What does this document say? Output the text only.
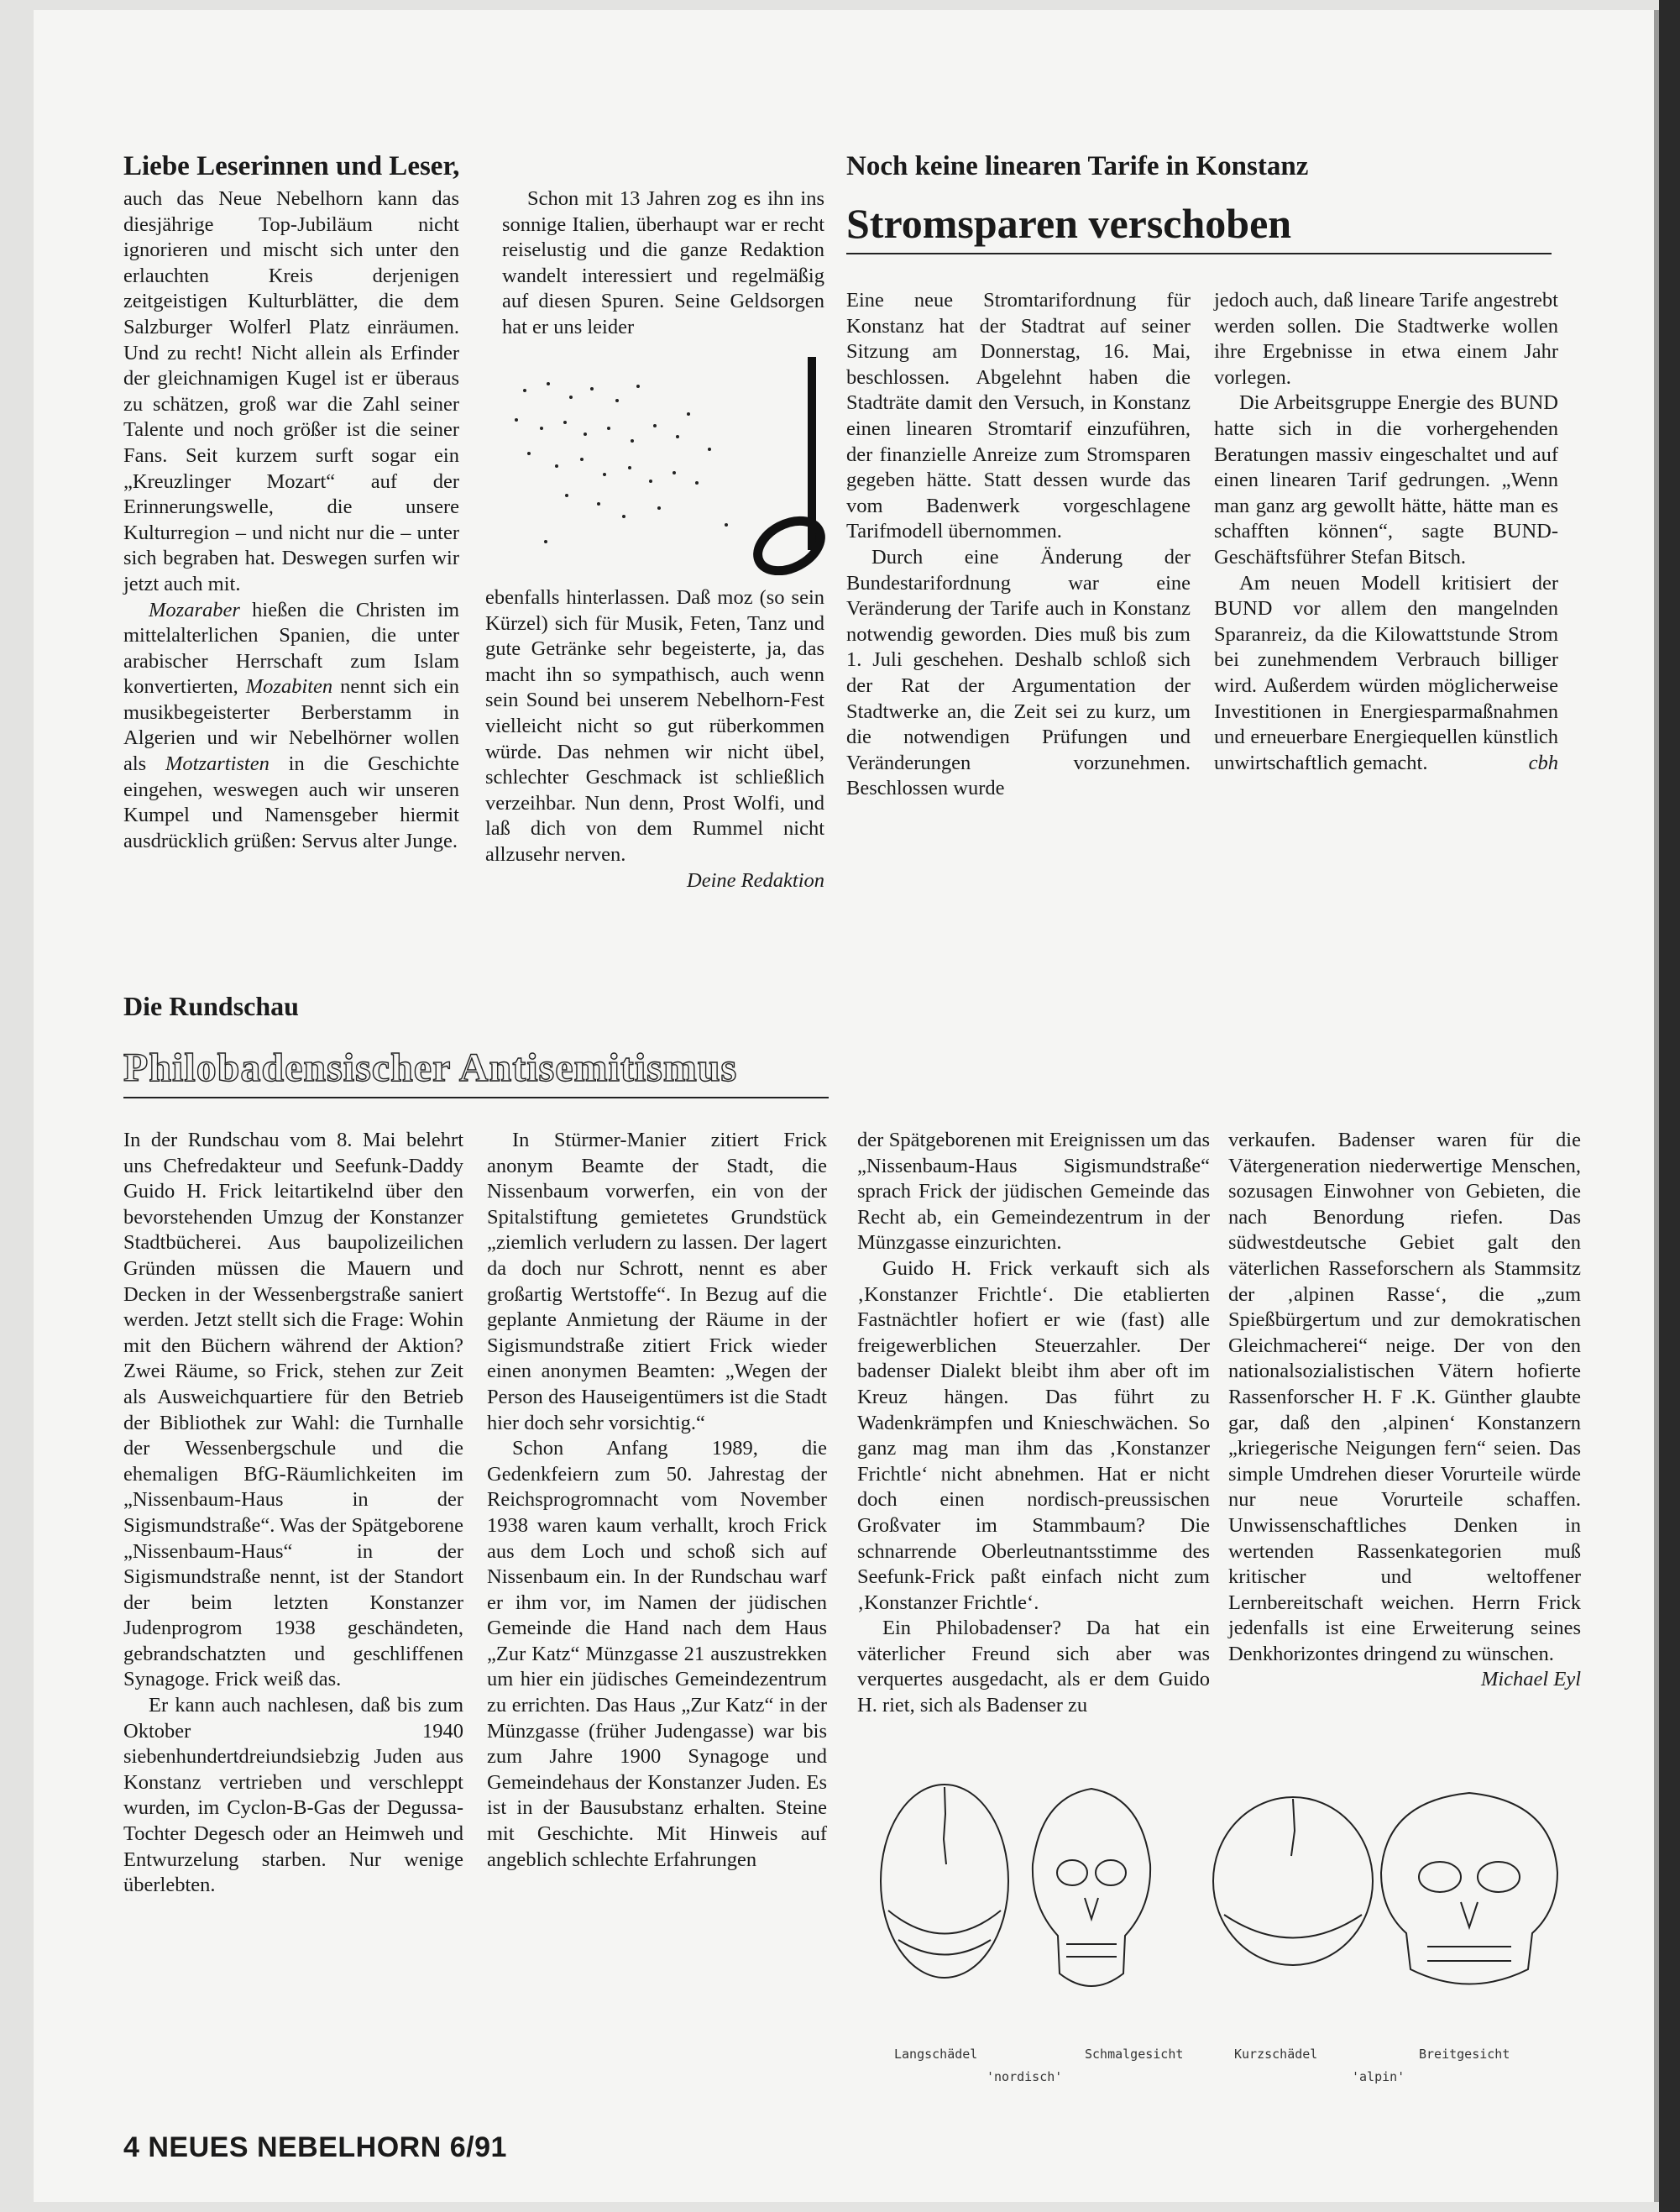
Liebe Leserinnen und Leser,

auch das Neue Nebelhorn kann das diesjährige Top-Jubiläum nicht ignorieren und mischt sich unter den erlauchten Kreis derjenigen zeitgeistigen Kulturblätter, die dem Salzburger Wolferl Platz einräumen. Und zu recht! Nicht allein als Erfinder der gleichnamigen Kugel ist er überaus zu schätzen, groß war die Zahl seiner Talente und noch größer ist die seiner Fans. Seit kurzem surft sogar ein „Kreuzlinger Mozart“ auf der Erinnerungswelle, die unsere Kulturregion – und nicht nur die – unter sich begraben hat. Deswegen surfen wir jetzt auch mit.

Mozaraber hießen die Christen im mittelalterlichen Spanien, die unter arabischer Herrschaft zum Islam konvertierten, Mozabiten nennt sich ein musikbegeisterter Berberstamm in Algerien und wir Nebelhörner wollen als Motzartisten in die Geschichte eingehen, weswegen auch wir unseren Kumpel und Namensgeber hiermit ausdrücklich grüßen: Servus alter Junge.

Schon mit 13 Jahren zog es ihn ins sonnige Italien, überhaupt war er recht reiselustig und die ganze Redaktion wandelt interessiert und regelmäßig auf diesen Spuren. Seine Geldsorgen hat er uns leider

ebenfalls hinterlassen. Daß moz (so sein Kürzel) sich für Musik, Feten, Tanz und gute Getränke sehr begeisterte, ja, das macht ihn so sympathisch, auch wenn sein Sound bei unserem Nebelhorn-Fest vielleicht nicht so gut rüberkommen würde. Das nehmen wir nicht übel, schlechter Geschmack ist schließlich verzeihbar. Nun denn, Prost Wolfi, und laß dich von dem Rummel nicht allzusehr nerven.

Deine Redaktion

Noch keine linearen Tarife in Konstanz
Stromsparen verschoben

Eine neue Stromtarifordnung für Konstanz hat der Stadtrat auf seiner Sitzung am Donnerstag, 16. Mai, beschlossen. Abgelehnt haben die Stadträte damit den Versuch, in Konstanz einen linearen Stromtarif einzuführen, der finanzielle Anreize zum Stromsparen gegeben hätte. Statt dessen wurde das vom Badenwerk vorgeschlagene Tarifmodell übernommen.

Durch eine Änderung der Bundestarifordnung war eine Veränderung der Tarife auch in Konstanz notwendig geworden. Dies muß bis zum 1. Juli geschehen. Deshalb schloß sich der Rat der Argumentation der Stadtwerke an, die Zeit sei zu kurz, um die notwendigen Prüfungen und Veränderungen vorzunehmen. Beschlossen wurde

jedoch auch, daß lineare Tarife angestrebt werden sollen. Die Stadtwerke wollen ihre Ergebnisse in etwa einem Jahr vorlegen.

Die Arbeitsgruppe Energie des BUND hatte sich in die vorhergehenden Beratungen massiv eingeschaltet und auf einen linearen Tarif gedrungen. „Wenn man ganz arg gewollt hätte, hätte man es schafften können“, sagte BUND-Geschäftsführer Stefan Bitsch.

Am neuen Modell kritisiert der BUND vor allem den mangelnden Sparanreiz, da die Kilowattstunde Strom bei zunehmendem Verbrauch billiger wird. Außerdem würden möglicherweise Investitionen in Energiesparmaßnahmen und erneuerbare Energiequellen künstlich unwirtschaftlich gemacht.	cbh

Die Rundschau
Philobadensischer Antisemitismus

In der Rundschau vom 8. Mai belehrt uns Chefredakteur und Seefunk-Daddy Guido H. Frick leitartikelnd über den bevorstehenden Umzug der Konstanzer Stadtbücherei. Aus baupolizeilichen Gründen müssen die Mauern und Decken in der Wessenbergstraße saniert werden. Jetzt stellt sich die Frage: Wohin mit den Büchern während der Aktion? Zwei Räume, so Frick, stehen zur Zeit als Ausweichquartiere für den Betrieb der Bibliothek zur Wahl: die Turnhalle der Wessenbergschule und die ehemaligen BfG-Räumlichkeiten im „Nissenbaum-Haus in der Sigismundstraße“. Was der Spätgeborene „Nissenbaum-Haus“ in der Sigismundstraße nennt, ist der Standort der beim letzten Konstanzer Judenprogrom 1938 geschändeten, gebrandschatzten und geschliffenen Synagoge. Frick weiß das.

Er kann auch nachlesen, daß bis zum Oktober 1940 siebenhundertdreiundsiebzig Juden aus Konstanz vertrieben und verschleppt wurden, im Cyclon-B-Gas der Degussa-Tochter Degesch oder an Heimweh und Entwurzelung starben. Nur wenige überlebten.

In Stürmer-Manier zitiert Frick anonym Beamte der Stadt, die Nissenbaum vorwerfen, ein von der Spitalstiftung gemietetes Grundstück „ziemlich verludern zu lassen. Der lagert da doch nur Schrott, nennt es aber großartig Wertstoffe“. In Bezug auf die geplante Anmietung der Räume in der Sigismundstraße zitiert Frick wieder einen anonymen Beamten: „Wegen der Person des Hauseigentümers ist die Stadt hier doch sehr vorsichtig.“

Schon Anfang 1989, die Gedenkfeiern zum 50. Jahrestag der Reichsprogromnacht vom November 1938 waren kaum verhallt, kroch Frick aus dem Loch und schoß sich auf Nissenbaum ein. In der Rundschau warf er ihm vor, im Namen der jüdischen Gemeinde die Hand nach dem Haus „Zur Katz“ Münzgasse 21 auszustrekken um hier ein jüdisches Gemeindezentrum zu errichten. Das Haus „Zur Katz“ in der Münzgasse (früher Judengasse) war bis zum Jahre 1900 Synagoge und Gemeindehaus der Konstanzer Juden. Es ist in der Bausubstanz erhalten. Steine mit Geschichte. Mit Hinweis auf angeblich schlechte Erfahrungen

der Spätgeborenen mit Ereignissen um das „Nissenbaum-Haus Sigismundstraße“ sprach Frick der jüdischen Gemeinde das Recht ab, ein Gemeindezentrum in der Münzgasse einzurichten.

Guido H. Frick verkauft sich als ‚Konstanzer Frichtle‘. Die etablierten Fastnächtler hofiert er wie (fast) alle freigewerblichen Steuerzahler. Der badenser Dialekt bleibt ihm aber oft im Kreuz hängen. Das führt zu Wadenkrämpfen und Knieschwächen. So ganz mag man ihm das ‚Konstanzer Frichtle‘ nicht abnehmen. Hat er nicht doch einen nordisch-preussischen Großvater im Stammbaum? Die schnarrende Oberleutnantsstimme des Seefunk-Frick paßt einfach nicht zum ‚Konstanzer Frichtle‘.

Ein Philobadenser? Da hat ein väterlicher Freund sich aber was verquertes ausgedacht, als er dem Guido H. riet, sich als Badenser zu

verkaufen. Badenser waren für die Vätergeneration niederwertige Menschen, sozusagen Einwohner von Gebieten, die nach Benordung riefen. Das südwestdeutsche Gebiet galt den väterlichen Rasseforschern als Stammsitz der ‚alpinen Rasse‘, die „zum Spießbürgertum und zur demokratischen Gleichmacherei“ neige. Der von den nationalsozialistischen Vätern hofierte Rassenforscher H. F .K. Günther glaubte gar, daß den ‚alpinen‘ Konstanzern „kriegerische Neigungen fern“ seien. Das simple Umdrehen dieser Vorurteile würde nur neue Vorurteile schaffen. Unwissenschaftliches Denken in wertenden Rassenkategorien muß kritischer und weltoffener Lernbereitschaft weichen. Herrn Frick jedenfalls ist eine Erweiterung seines Denkhorizontes dringend zu wünschen.
Michael Eyl

Langschädel	Schmalgesicht	Kurzschädel	Breitgesicht
'nordisch'	'alpin'
4 NEUES NEBELHORN 6/91
